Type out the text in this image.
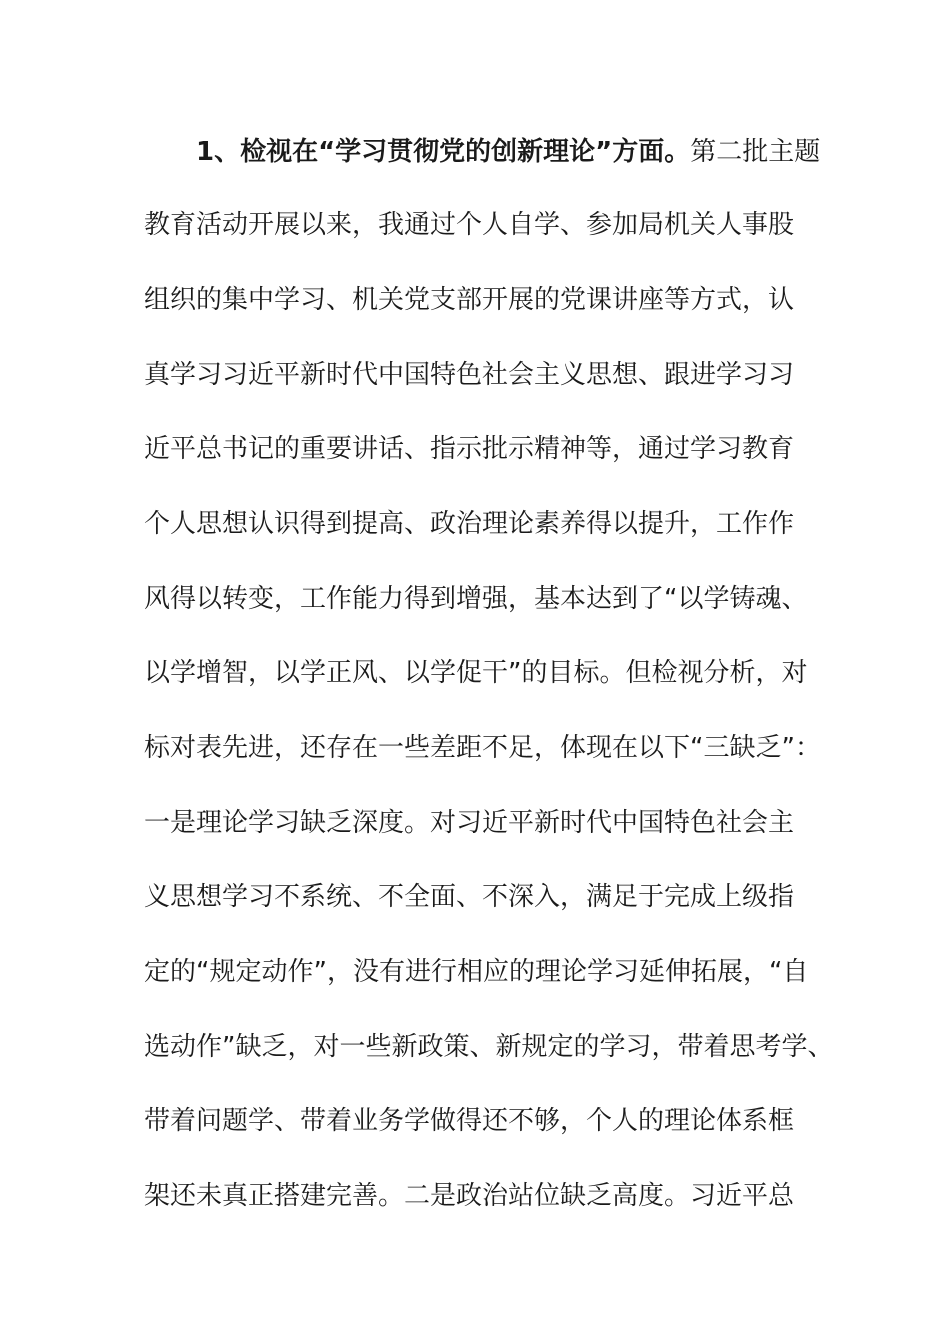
1、检视在“学习贯彻党的创新理论”方面。第二批主题
教育活动开展以来，我通过个人自学、参加局机关人事股
组织的集中学习、机关党支部开展的党课讲座等方式，认
真学习习近平新时代中国特色社会主义思想、跟进学习习
近平总书记的重要讲话、指示批示精神等，通过学习教育
个人思想认识得到提高、政治理论素养得以提升，工作作
风得以转变，工作能力得到增强，基本达到了“以学铸魂、
以学增智，以学正风、以学促干”的目标。但检视分析，对
标对表先进，还存在一些差距不足，体现在以下“三缺乏”：
一是理论学习缺乏深度。对习近平新时代中国特色社会主
义思想学习不系统、不全面、不深入，满足于完成上级指
定的“规定动作”，没有进行相应的理论学习延伸拓展，“自
选动作”缺乏，对一些新政策、新规定的学习，带着思考学、
带着问题学、带着业务学做得还不够，个人的理论体系框
架还未真正搭建完善。二是政治站位缺乏高度。习近平总
